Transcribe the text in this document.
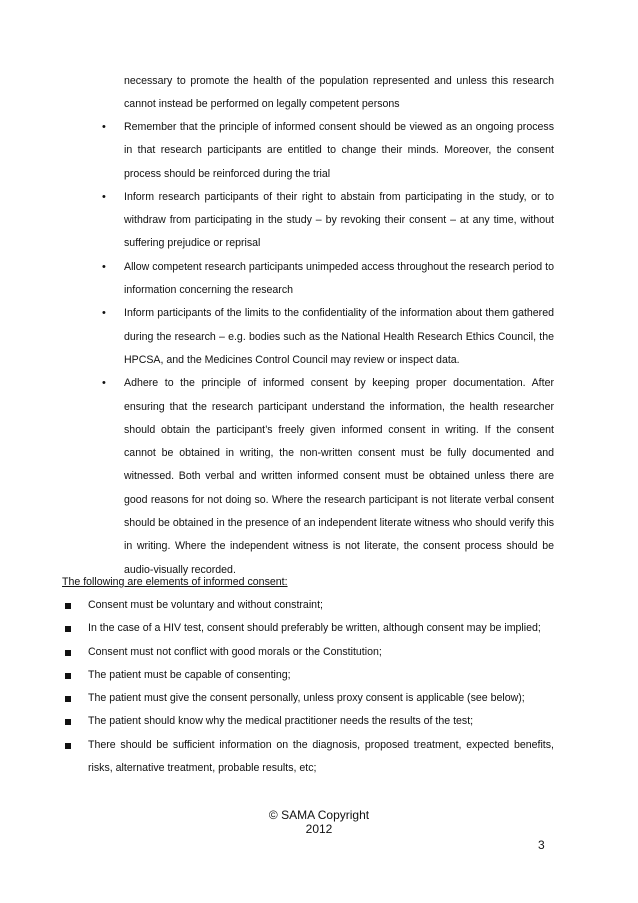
necessary to promote the health of the population represented and unless this research cannot instead be performed on legally competent persons

• Remember that the principle of informed consent should be viewed as an ongoing process in that research participants are entitled to change their minds. Moreover, the consent process should be reinforced during the trial
• Inform research participants of their right to abstain from participating in the study, or to withdraw from participating in the study – by revoking their consent – at any time, without suffering prejudice or reprisal
• Allow competent research participants unimpeded access throughout the research period to information concerning the research
• Inform participants of the limits to the confidentiality of the information about them gathered during the research – e.g. bodies such as the National Health Research Ethics Council, the HPCSA, and the Medicines Control Council may review or inspect data.
• Adhere to the principle of informed consent by keeping proper documentation. After ensuring that the research participant understand the information, the health researcher should obtain the participant’s freely given informed consent in writing. If the consent cannot be obtained in writing, the non-written consent must be fully documented and witnessed. Both verbal and written informed consent must be obtained unless there are good reasons for not doing so. Where the research participant is not literate verbal consent should be obtained in the presence of an independent literate witness who should verify this in writing. Where the independent witness is not literate, the consent process should be audio-visually recorded.

The following are elements of informed consent:

Consent must be voluntary and without constraint;
In the case of a HIV test, consent should preferably be written, although consent may be implied;
Consent must not conflict with good morals or the Constitution;
The patient must be capable of consenting;
The patient must give the consent personally, unless proxy consent is applicable (see below);
The patient should know why the medical practitioner needs the results of the test;
There should be sufficient information on the diagnosis, proposed treatment, expected benefits, risks, alternative treatment, probable results, etc;
© SAMA Copyright
2012
3
